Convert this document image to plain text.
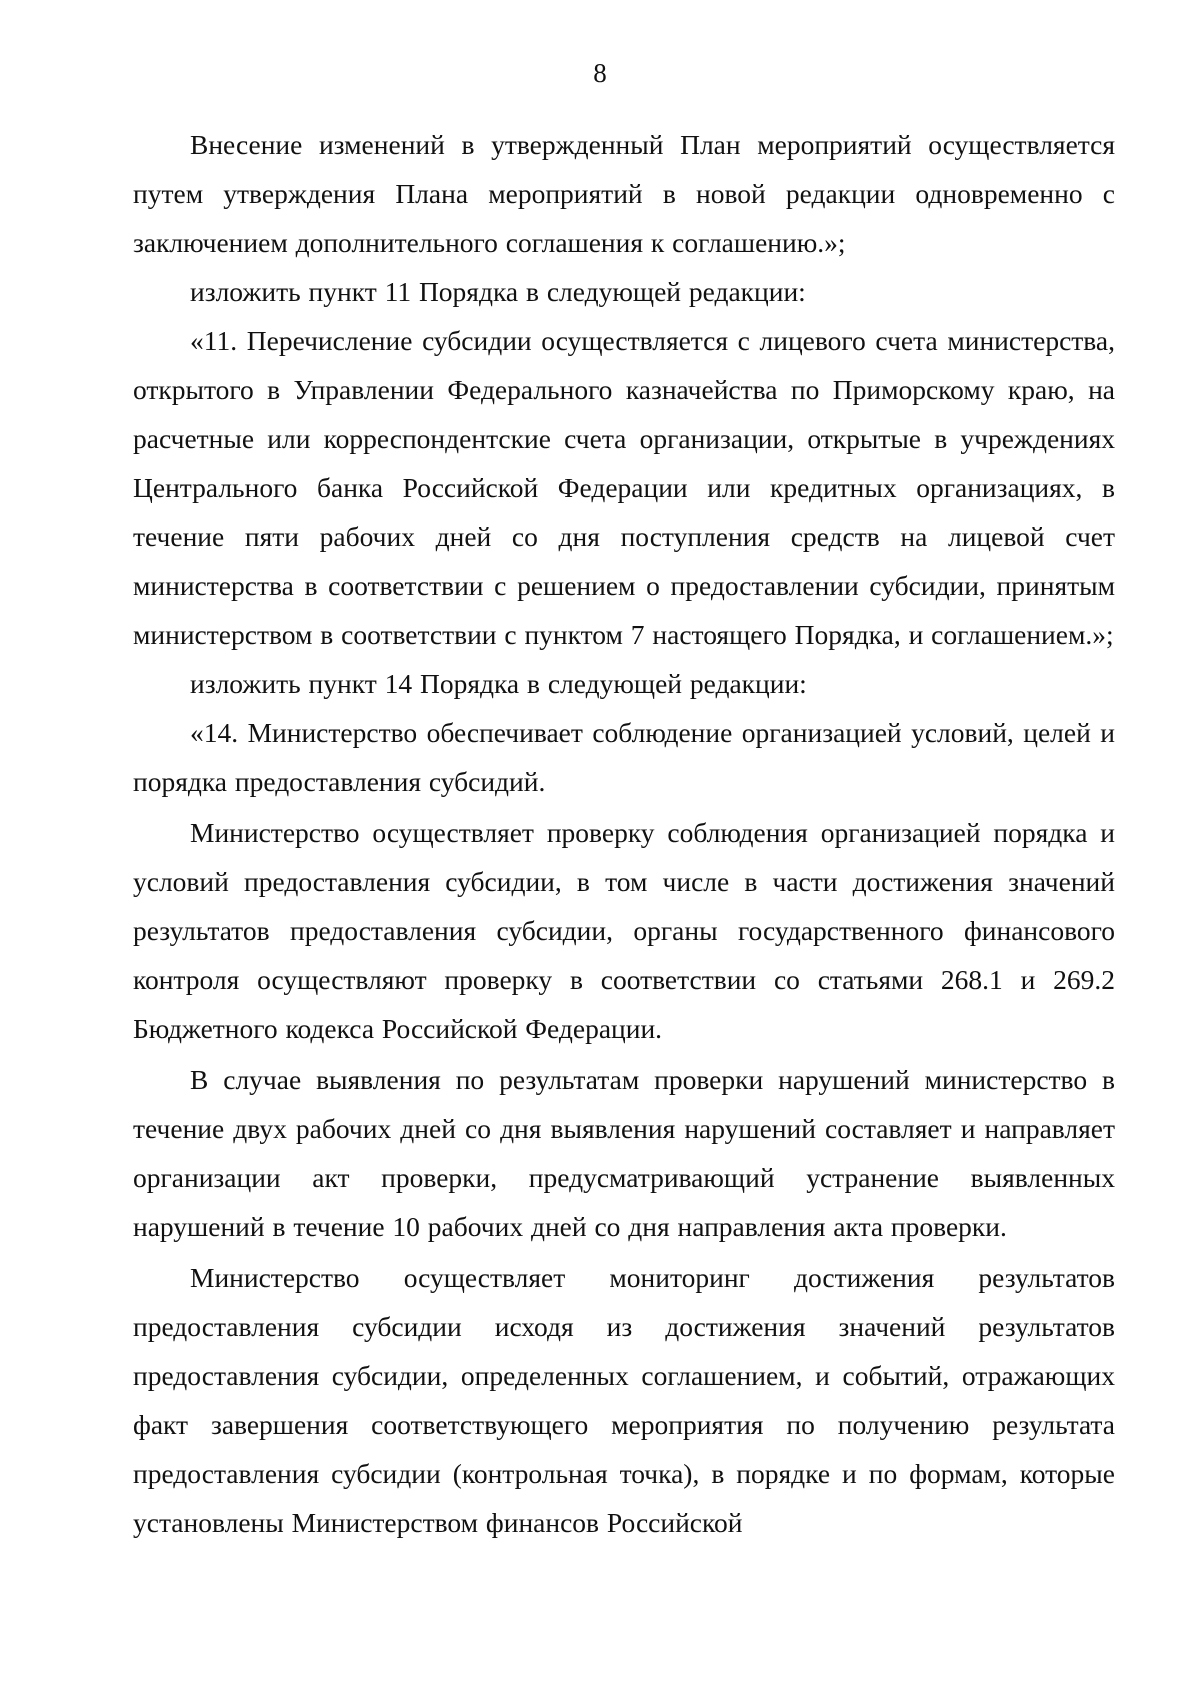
8

Внесение изменений в утвержденный План мероприятий осуществляется путем утверждения Плана мероприятий в новой редакции одновременно с заключением дополнительного соглашения к соглашению.»;

изложить пункт 11 Порядка в следующей редакции:

«11. Перечисление субсидии осуществляется с лицевого счета министерства, открытого в Управлении Федерального казначейства по Приморскому краю, на расчетные или корреспондентские счета организации, открытые в учреждениях Центрального банка Российской Федерации или кредитных организациях, в течение пяти рабочих дней со дня поступления средств на лицевой счет министерства в соответствии с решением о предоставлении субсидии, принятым министерством в соответствии с пунктом 7 настоящего Порядка, и соглашением.»;

изложить пункт 14 Порядка в следующей редакции:

«14. Министерство обеспечивает соблюдение организацией условий, целей и порядка предоставления субсидий.

Министерство осуществляет проверку соблюдения организацией порядка и условий предоставления субсидии, в том числе в части достижения значений результатов предоставления субсидии, органы государственного финансового контроля осуществляют проверку в соответствии со статьями 268.1 и 269.2 Бюджетного кодекса Российской Федерации.

В случае выявления по результатам проверки нарушений министерство в течение двух рабочих дней со дня выявления нарушений составляет и направляет организации акт проверки, предусматривающий устранение выявленных нарушений в течение 10 рабочих дней со дня направления акта проверки.

Министерство осуществляет мониторинг достижения результатов предоставления субсидии исходя из достижения значений результатов предоставления субсидии, определенных соглашением, и событий, отражающих факт завершения соответствующего мероприятия по получению результата предоставления субсидии (контрольная точка), в порядке и по формам, которые установлены Министерством финансов Российской
